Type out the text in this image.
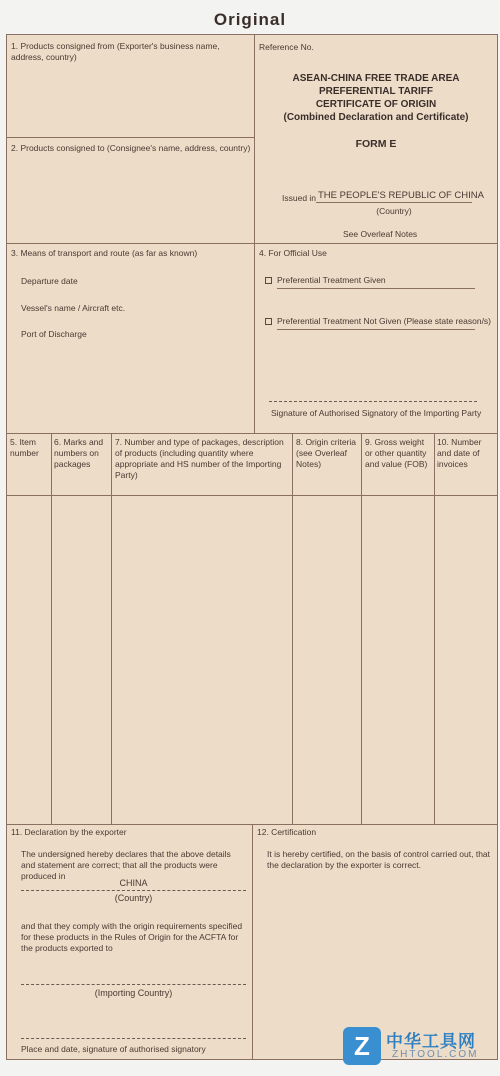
Original
1. Products consigned from (Exporter's business name, address, country)
Reference No.
ASEAN-CHINA FREE TRADE AREA
PREFERENTIAL TARIFF
CERTIFICATE OF ORIGIN
(Combined Declaration and Certificate)
FORM E
Issued in THE PEOPLE'S REPUBLIC OF CHINA
(Country)
See Overleaf Notes
2. Products consigned to (Consignee's name, address, country)
3. Means of transport and route (as far as known)
Departure date
Vessel's name / Aircraft etc.
Port of Discharge
4. For Official Use
Preferential Treatment Given
Preferential Treatment Not Given (Please state reason/s)
Signature of Authorised Signatory of the Importing Party
5. Item number
6. Marks and numbers on packages
7. Number and type of packages, description of products (including quantity where appropriate and HS number of the Importing Party)
8. Origin criteria (see Overleaf Notes)
9. Gross weight or other quantity and value (FOB)
10. Number and date of invoices
11. Declaration by the exporter
The undersigned hereby declares that the above details and statement are correct; that all the products were produced in
CHINA
(Country)
and that they comply with the origin requirements specified for these products in the Rules of Origin for the ACFTA for the products exported to
(Importing Country)
Place and date, signature of authorised signatory
12. Certification
It is hereby certified, on the basis of control carried out, that the declaration by the exporter is correct.
Z 中华工具网
ZHTOOL.COM
